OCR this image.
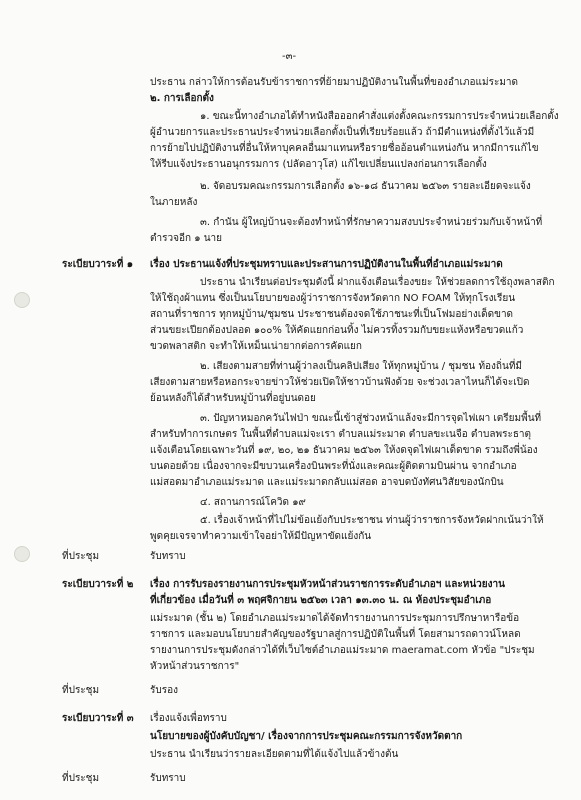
-๓-
ประธาน กล่าวให้การต้อนรับข้าราชการที่ย้ายมาปฏิบัติงานในพื้นที่ของอำเภอแม่ระมาด
๒. การเลือกตั้ง
๑. ขณะนี้ทางอำเภอได้ทำหนังสือออกคำสั่งแต่งตั้งคณะกรรมการประจำหน่วยเลือกตั้ง
ผู้อำนวยการและประธานประจำหน่วยเลือกตั้งเป็นที่เรียบร้อยแล้ว ถ้ามีตำแหน่งที่ตั้งไว้แล้วมี
การย้ายไปปฏิบัติงานที่อื่นให้หาบุคคลอื่นมาแทนหรือรายชื่ออ้อนตำแหน่งกัน หากมีการแก้ไข
ให้รีบแจ้งประธานอนุกรรมการ (ปลัดอาวุโส) แก้ไขเปลี่ยนแปลงก่อนการเลือกตั้ง
๒. จัดอบรมคณะกรรมการเลือกตั้ง ๑๖-๑๘ ธันวาคม ๒๕๖๓ รายละเอียดจะแจ้ง
ในภายหลัง
๓. กำนัน ผู้ใหญ่บ้านจะต้องทำหน้าที่รักษาความสงบประจำหน่วยร่วมกับเจ้าหน้าที่
ตำรวจอีก ๑ นาย
ระเบียบวาระที่ ๑ เรื่อง ประธานแจ้งที่ประชุมทราบและประสานการปฏิบัติงานในพื้นที่อำเภอแม่ระมาด
ประธาน นำเรียนต่อประชุมดังนี้ ฝากแจ้งเตือนเรื่องขยะ ให้ช่วยลดการใช้ถุงพลาสติก
ให้ใช้ถุงผ้าแทน ซึ่งเป็นนโยบายของผู้ว่าราชการจังหวัดตาก NO FOAM ให้ทุกโรงเรียน
สถานที่ราชการ ทุกหมู่บ้าน/ชุมชน ประชาชนต้องจดใช้ภาชนะที่เป็นโฟมอย่างเด็ดขาด
ส่วนขยะเปียกต้องปลอด ๑๐๐% ให้คัดแยกก่อนทิ้ง ไม่ควรทิ้งรวมกับขยะแห้งหรือขวดแก้ว
ขวดพลาสติก จะทำให้เหม็นเน่ายากต่อการคัดแยก
๒. เสียงตามสายที่ท่านผู้ว่าลงเป็นคลิปเสียง ให้ทุกหมู่บ้าน / ชุมชน ท้องถิ่นที่มี
เสียงตามสายหรือหอกระจายข่าวให้ช่วยเปิดให้ชาวบ้านฟังด้วย จะช่วงเวลาไหนก็ได้จะเปิด
ย้อนหลังก็ได้สำหรับหมู่บ้านที่อยู่บนดอย
๓. ปัญหาหมอกควันไฟป่า ขณะนี้เข้าสู่ช่วงหน้าแล้งจะมีการจุดไฟเผา เตรียมพื้นที่
สำหรับทำการเกษตร ในพื้นที่ตำบลแม่จะเรา ตำบลแม่ระมาด ตำบลขะเนจือ ตำบลพระธาตุ
แจ้งเตือนโดยเฉพาะวันที่ ๑๙, ๒๐, ๒๑ ธันวาคม ๒๕๖๓ ให้งดจุดไฟเผาเด็ดขาด รวมถึงพี่น้อง
บนดอยด้วย เนื่องจากจะมีขบวนเครื่องบินพระที่นั่งและคณะผู้ติดตามบินผ่าน จากอำเภอ
แม่สอดมาอำเภอแม่ระมาด และแม่ระมาดกลับแม่สอด อาจบดบังทัศนวิสัยของนักบิน
๔. สถานการณ์โควิด ๑๙
๕. เรื่องเจ้าหน้าที่ไปไม่ข้อแย้งกับประชาชน ท่านผู้ว่าราชการจังหวัดฝากเน้นว่าให้
พูดคุยเจรจาทำความเข้าใจอย่าให้มีปัญหาขัดแย้งกัน
ที่ประชุม	รับทราบ
ระเบียบวาระที่ ๒ เรื่อง การรับรองรายงานการประชุมหัวหน้าส่วนราชการระดับอำเภอฯ และหน่วยงาน
ที่เกี่ยวข้อง เมื่อวันที่ ๓ พฤศจิกายน ๒๕๖๓ เวลา ๑๓.๓๐ น. ณ ห้องประชุมอำเภอ
แม่ระมาด (ชั้น ๒) โดยอำเภอแม่ระมาดได้จัดทำรายงานการประชุมการปรึกษาหารือข้อ
ราชการ และมอบนโยบายสำคัญของรัฐบาลสู่การปฏิบัติในพื้นที่ โดยสามารถดาวน์โหลด
รายงานการประชุมดังกล่าวได้ที่เว็บไซต์อำเภอแม่ระมาด maeramat.com หัวข้อ "ประชุม
หัวหน้าส่วนราชการ"
ที่ประชุม	รับรอง
ระเบียบวาระที่ ๓ เรื่องแจ้งเพื่อทราบ
นโยบายของผู้บังคับบัญชา/ เรื่องจากการประชุมคณะกรรมการจังหวัดตาก
ประธาน นำเรียนว่ารายละเอียดตามที่ได้แจ้งไปแล้วข้างต้น
ที่ประชุม	รับทราบ
